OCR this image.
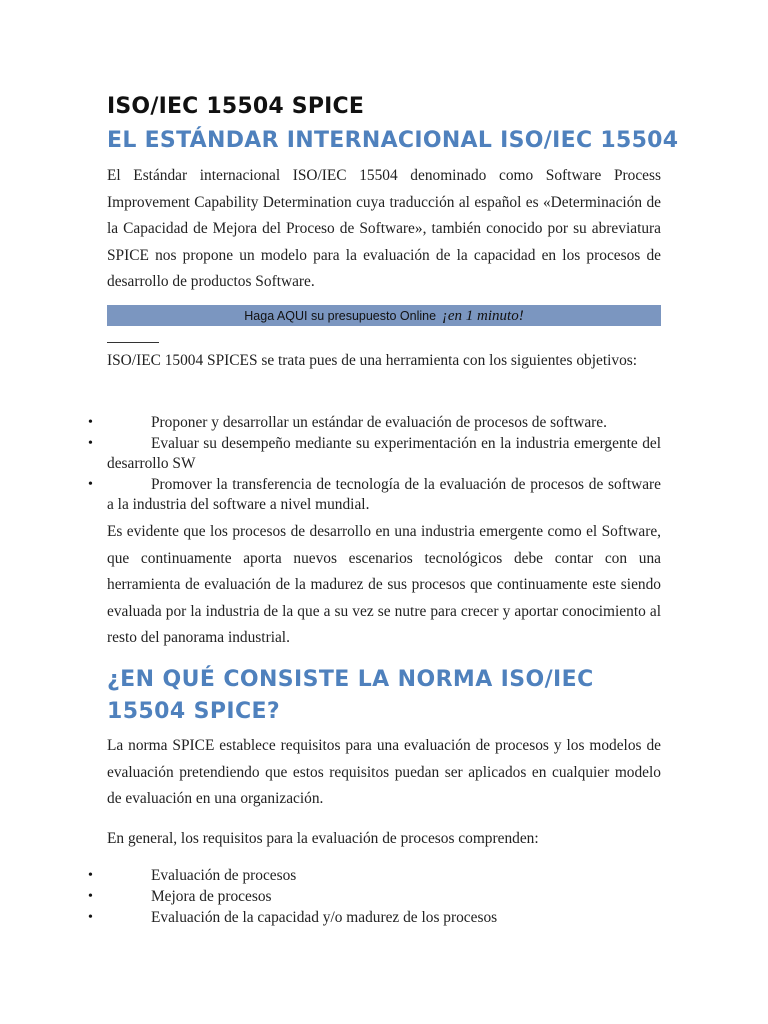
ISO/IEC 15504 SPICE
EL ESTÁNDAR INTERNACIONAL ISO/IEC 15504

El Estándar internacional ISO/IEC 15504 denominado como Software Process Improvement Capability Determination cuya traducción al español es «Determinación de la Capacidad de Mejora del Proceso de Software», también conocido por su abreviatura SPICE nos propone un modelo para la evaluación de la capacidad en los procesos de desarrollo de productos Software.

Haga AQUI su presupuesto Online ¡en 1 minuto!

ISO/IEC 15004 SPICES se trata pues de una herramienta con los siguientes objetivos:

•	Proponer y desarrollar un estándar de evaluación de procesos de software.
•	Evaluar su desempeño mediante su experimentación en la industria emergente del desarrollo SW
•	Promover la transferencia de tecnología de la evaluación de procesos de software a la industria del software a nivel mundial.

Es evidente que los procesos de desarrollo en una industria emergente como el Software, que continuamente aporta nuevos escenarios tecnológicos debe contar con una herramienta de evaluación de la madurez de sus procesos que continuamente este siendo evaluada por la industria de la que a su vez se nutre para crecer y aportar conocimiento al resto del panorama industrial.

¿EN QUÉ CONSISTE LA NORMA ISO/IEC 15504 SPICE?

La norma SPICE establece requisitos para una evaluación de procesos y los modelos de evaluación pretendiendo que estos requisitos puedan ser aplicados en cualquier modelo de evaluación en una organización.

En general, los requisitos para la evaluación de procesos comprenden:

•	Evaluación de procesos
•	Mejora de procesos
•	Evaluación de la capacidad y/o madurez de los procesos
